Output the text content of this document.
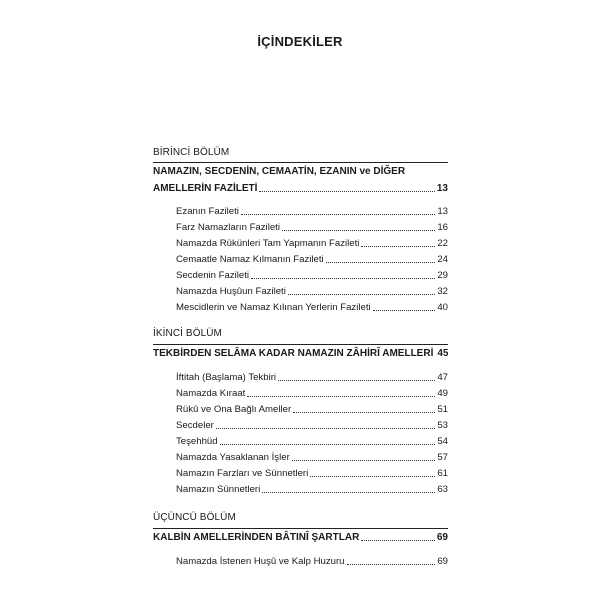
İÇİNDEKİLER
BİRİNCİ BÖLÜM
NAMAZIN, SECDENİN, CEMAATİN, EZANIN ve DİĞER
AMELLERİN FAZİLETİ	13
Ezanın Fazileti	13
Farz Namazların Fazileti	16
Namazda Rükünleri Tam Yapmanın Fazileti	22
Cemaatle Namaz Kılmanın Fazileti	24
Secdenin Fazileti	29
Namazda Huşûun Fazileti	32
Mescidlerin ve Namaz Kılınan Yerlerin Fazileti	40
İKİNCİ BÖLÜM
TEKBİRDEN SELÂMA KADAR NAMAZIN ZÂHİRÎ AMELLERİ 45
İftitah (Başlama) Tekbiri	47
Namazda Kıraat	49
Rükû ve Ona Bağlı Ameller	51
Secdeler	53
Teşehhüd	54
Namazda Yasaklanan İşler	57
Namazın Farzları ve Sünnetleri	61
Namazın Sünnetleri	63
ÜÇÜNCÜ BÖLÜM
KALBİN AMELLERİNDEN BÂTINÎ ŞARTLAR	69
Namazda İstenen Huşû ve Kalp Huzuru	69
